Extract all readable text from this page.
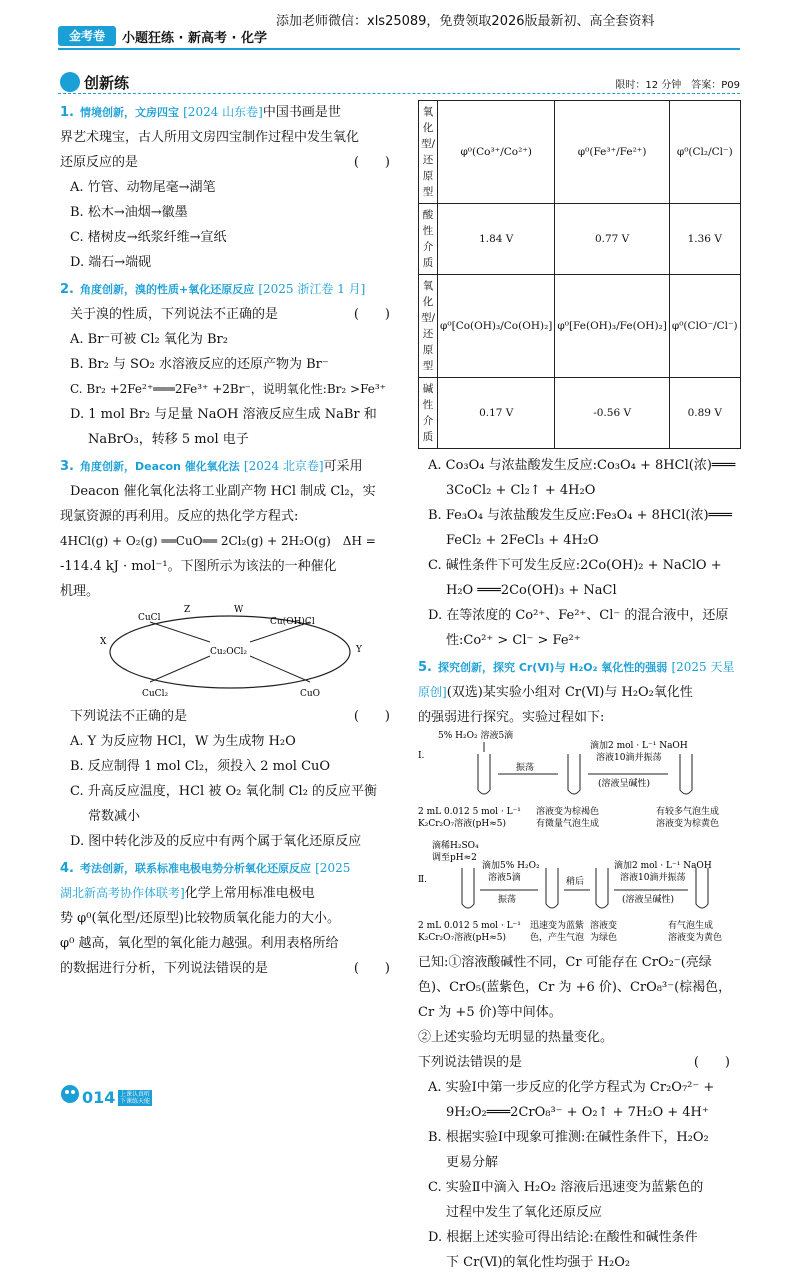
金考卷	小题狂练 · 新高考 · 化学
添加老师微信：xls25089，免费领取2026版最新初、高全套资料
创新练	限时：12 分钟　答案：P09
1. 情境创新，文房四宝 [2024 山东卷]中国书画是世
界艺术瑰宝，古人所用文房四宝制作过程中发生氧化
还原反应的是	(　　)
A. 竹管、动物尾毫→湖笔
B. 松木→油烟→徽墨
C. 楮树皮→纸浆纤维→宣纸
D. 端石→端砚
2. 角度创新，溴的性质+氧化还原反应 [2025 浙江卷 1 月]
关于溴的性质，下列说法不正确的是	(　　)
A. Br⁻可被 Cl₂ 氧化为 Br₂
B. Br₂ 与 SO₂ 水溶液反应的还原产物为 Br⁻
C. Br₂ +2Fe²⁺═══2Fe³⁺ +2Br⁻，说明氧化性:Br₂ >Fe³⁺
D. 1 mol Br₂ 与足量 NaOH 溶液反应生成 NaBr 和
NaBrO₃，转移 5 mol 电子
3. 角度创新，Deacon 催化氧化法 [2024 北京卷]可采用
Deacon 催化氧化法将工业副产物 HCl 制成 Cl₂，实
现氯资源的再利用。反应的热化学方程式:
4HCl(g) + O₂(g) ══CuO══ 2Cl₂(g) + 2H₂O(g)　ΔH =
-114.4 kJ · mol⁻¹。下图所示为该法的一种催化
机理。
CuCl
Z	W
Cu(OH)Cl
X
Y
Cu₂OCl₂
CuCl₂	CuO
下列说法不正确的是	(　　)
A. Y 为反应物 HCl，W 为生成物 H₂O
B. 反应制得 1 mol Cl₂，须投入 2 mol CuO
C. 升高反应温度，HCl 被 O₂ 氧化制 Cl₂ 的反应平衡
常数减小
D. 图中转化涉及的反应中有两个属于氧化还原反应
4. 考法创新，联系标准电极电势分析氧化还原反应 [2025
湖北新高考协作体联考]化学上常用标准电极电
势 φ⁰(氧化型/还原型)比较物质氧化能力的大小。
φ⁰ 越高，氧化型的氧化能力越强。利用表格所给
的数据进行分析，下列说法错误的是	(　　)
氧化型/还原型	φ⁰(Co³⁺/Co²⁺)	φ⁰(Fe³⁺/Fe²⁺)	φ⁰(Cl₂/Cl⁻)
酸性介质	1.84 V	0.77 V	1.36 V
氧化型/还原型	φ⁰[Co(OH)₃/Co(OH)₂]	φ⁰[Fe(OH)₃/Fe(OH)₂]	φ⁰(ClO⁻/Cl⁻)
碱性介质	0.17 V	-0.56 V	0.89 V
A. Co₃O₄ 与浓盐酸发生反应:Co₃O₄ + 8HCl(浓)═══
3CoCl₂ + Cl₂↑ + 4H₂O
B. Fe₃O₄ 与浓盐酸发生反应:Fe₃O₄ + 8HCl(浓)═══
FeCl₂ + 2FeCl₃ + 4H₂O
C. 碱性条件下可发生反应:2Co(OH)₂ + NaClO +
H₂O ═══2Co(OH)₃ + NaCl
D. 在等浓度的 Co²⁺、Fe²⁺、Cl⁻ 的混合液中，还原
性:Co²⁺ > Cl⁻ > Fe²⁺
5. 探究创新，探究 Cr(Ⅵ)与 H₂O₂ 氧化性的强弱 [2025 天星
原创](双选)某实验小组对 Cr(Ⅵ)与 H₂O₂氧化性
的强弱进行探究。实验过程如下:
Ⅰ.
5% H₂O₂ 溶液5滴
振荡
滴加2 mol · L⁻¹ NaOH
溶液10滴并振荡
(溶液呈碱性)
2 mL 0.012 5 mol · L⁻¹
K₂Cr₂O₇溶液(pH≈5)
溶液变为棕褐色
有微量气泡生成
有较多气泡生成
溶液变为棕黄色
滴稀H₂SO₄
调至pH≈2
Ⅱ.
滴加5% H₂O₂
溶液5滴
振荡
稍后
滴加2 mol · L⁻¹ NaOH
溶液10滴并振荡
(溶液呈碱性)
2 mL 0.012 5 mol · L⁻¹
K₂Cr₂O₇溶液(pH≈5)
迅速变为蓝紫
色，产生气泡
溶液变
为绿色
有气泡生成
溶液变为黄色
已知:①溶液酸碱性不同，Cr 可能存在 CrO₂⁻(亮绿
色)、CrO₅(蓝紫色，Cr 为 +6 价)、CrO₈³⁻(棕褐色，
Cr 为 +5 价)等中间体。
②上述实验均无明显的热量变化。
下列说法错误的是	(　　)
A. 实验Ⅰ中第一步反应的化学方程式为 Cr₂O₇²⁻ +
9H₂O₂═══2CrO₈³⁻ + O₂↑ + 7H₂O + 4H⁺
B. 根据实验Ⅰ中现象可推测:在碱性条件下，H₂O₂
更易分解
C. 实验Ⅱ中滴入 H₂O₂ 溶液后迅速变为蓝紫色的
过程中发生了氧化还原反应
D. 根据上述实验可得出结论:在酸性和碱性条件
下 Cr(Ⅵ)的氧化性均强于 H₂O₂
014 上课认真听
下课练天能
